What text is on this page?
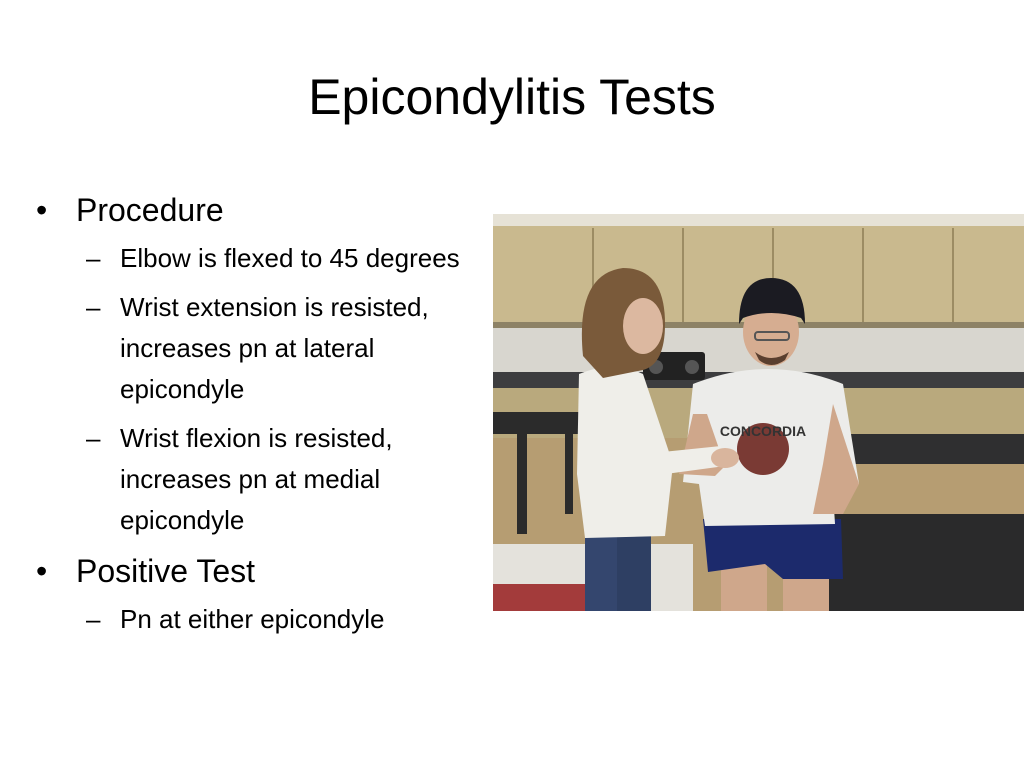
Epicondylitis Tests
• Procedure
– Elbow is flexed to 45 degrees
– Wrist extension is resisted, increases pn at lateral epicondyle
– Wrist flexion is resisted, increases pn at medial epicondyle
• Positive Test
– Pn at either epicondyle
CONCORDIA
